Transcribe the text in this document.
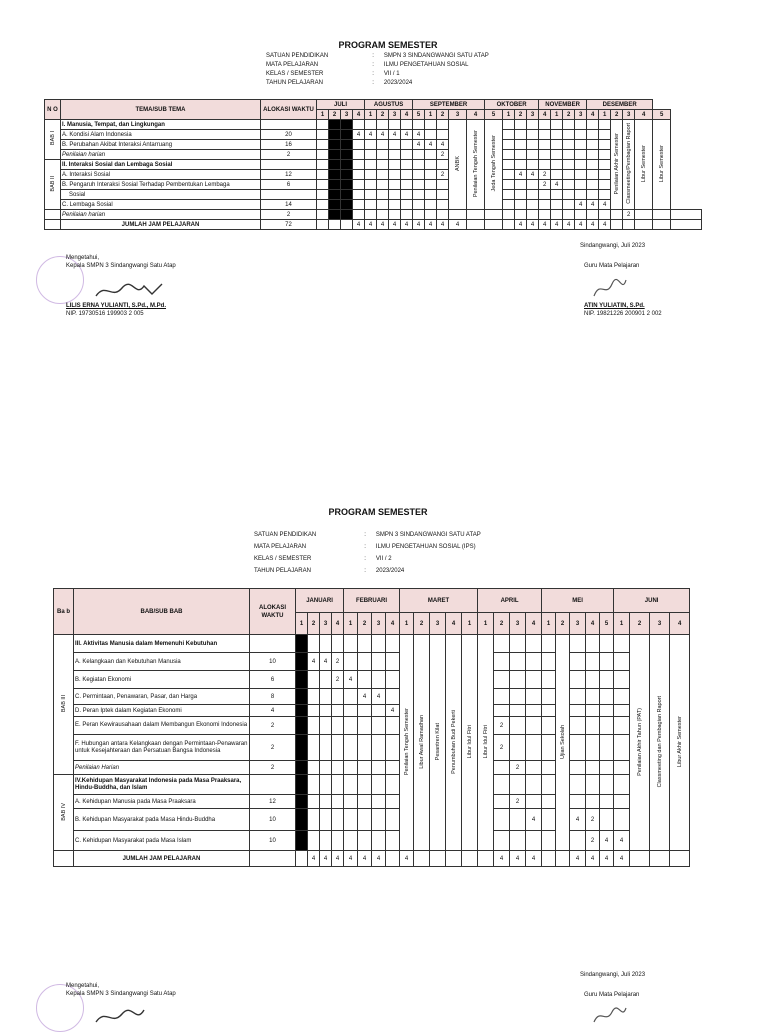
PROGRAM SEMESTER
SATUAN PENDIDIKAN	:	SMPN 3 SINDANGWANGI SATU ATAP
MATA PELAJARAN	:	ILMU PENGETAHUAN SOSIAL
KELAS / SEMESTER	:	VII / 1
TAHUN PELAJARAN	:	2023/2024
N O	TEMA/SUB TEMA	ALOKASI WAKTU	JULI				AGUSTUS				SEPTEMBER					OKTOBER				NOVEMBER				DESEMBER						
			1	2	3	4	1	2	3	4	5	1	2	3	4	5	1	2	3	4	1	2	3	4	1	2	3	4	5	
BAB I	I. Manusia, Tempat, dan Lingkungan													ANBK	Penilaian Tengah Semester	Jeda Tengah Semester										Penilaian Akhir Semester	Classmeeting/Pembagian Raport	Libur Semester	Libur Semester	
	A. Kondisi Alam Indonesia	20				4	4	4	4	4	4																			
	B. Perubahan Akibat Interaksi Antarruang	16									4	4	4																	
	Penilaian harian	2											2																	
BAB II	II. Interaksi Sosial dan Lembaga Sosial																													
	A. Interaksi Sosial	12											2					4	4	2										
	B. Pengaruh Interaksi Sosial Terhadap Pembentukan Lembaga	6																		2	4									
	Sosial																													
	C. Lembaga Sosial	14																					4	4	4					
	Penilaian harian	2																									2			
	JUMLAH JAM PELAJARAN	72				4	4	4	4	4	4	4	4	4				4	4	4	4	4	4	4	4					
Sindangwangi, Juli 2023
Mengetahui,
Kepala SMPN 3 Sindangwangi Satu Atap
LILIS ERNA YULIANTI, S.Pd., M.Pd.
NIP. 19730516 199903 2 005
Guru Mata Pelajaran
ATIN YULIATIN, S.Pd.
NIP. 19821226 200901 2 002
PROGRAM SEMESTER
SATUAN PENDIDIKAN	:	SMPN 3 SINDANGWANGI SATU ATAP
MATA PELAJARAN	:	ILMU PENGETAHUAN SOSIAL (IPS)
KELAS / SEMESTER	:	VII / 2
TAHUN PELAJARAN	:	2023/2024
Ba b	BAB/SUB BAB	ALOKASI WAKTU	JANUARI				FEBRUARI				MARET					APRIL				MEI					JUNI			
			1	2	3	4	1	2	3	4	1	2	3	4	1	1	2	3	4	1	2	3	4	5	1	2	3	4
BAB III	III. Aktivitas Manusia dalam Memenuhi Kebutuhan										Penilaian Tengah Semester	Libur Awal Ramadhan	Pesantren Kilat	Penumbuhan Budi Pekerti	Libur Idul Fitri	Libur Idul Fitri					Ujian Sekolah					Penilaian Akhir Tahun (PAT)	Classmeeting dan Pembagian Raport	Libur Akhir Semester
	A. Kelangkaan dan Kebutuhan Manusia	10		4	4	2																						
	B. Kegiatan Ekonomi	6				2	4																					
	C. Permintaan, Penawaran, Pasar, dan Harga	8						4	4																			
	D. Peran Iptek dalam Kegiatan Ekonomi	4								4																		
	E. Peran Kewirausahaan dalam Membangun Ekonomi Indonesia	2															2											
	F. Hubungan antara Kelangkaan dengan Permintaan-Penawaran untuk Kesejahteraan dan Persatuan Bangsa Indonesia	2															2											
	Penilaian Harian	2																2										
BAB IV	IV.Kehidupan Masyarakat Indonesia pada Masa Praaksara, Hindu-Buddha, dan Islam																											
	A. Kehidupan Manusia pada Masa Praaksara	12																2										
	B. Kehidupan Masyarakat pada Masa Hindu-Buddha	10																	4			4	2					
	C. Kehidupan Masyarakat pada Masa Islam	10																					2	4	4			
	JUMLAH JAM PELAJARAN			4	4	4	4	4	4		4						4	4	4			4	4	4	4			
Sindangwangi, Juli 2023
Mengetahui,
Kepala SMPN 3 Sindangwangi Satu Atap	Guru Mata Pelajaran
